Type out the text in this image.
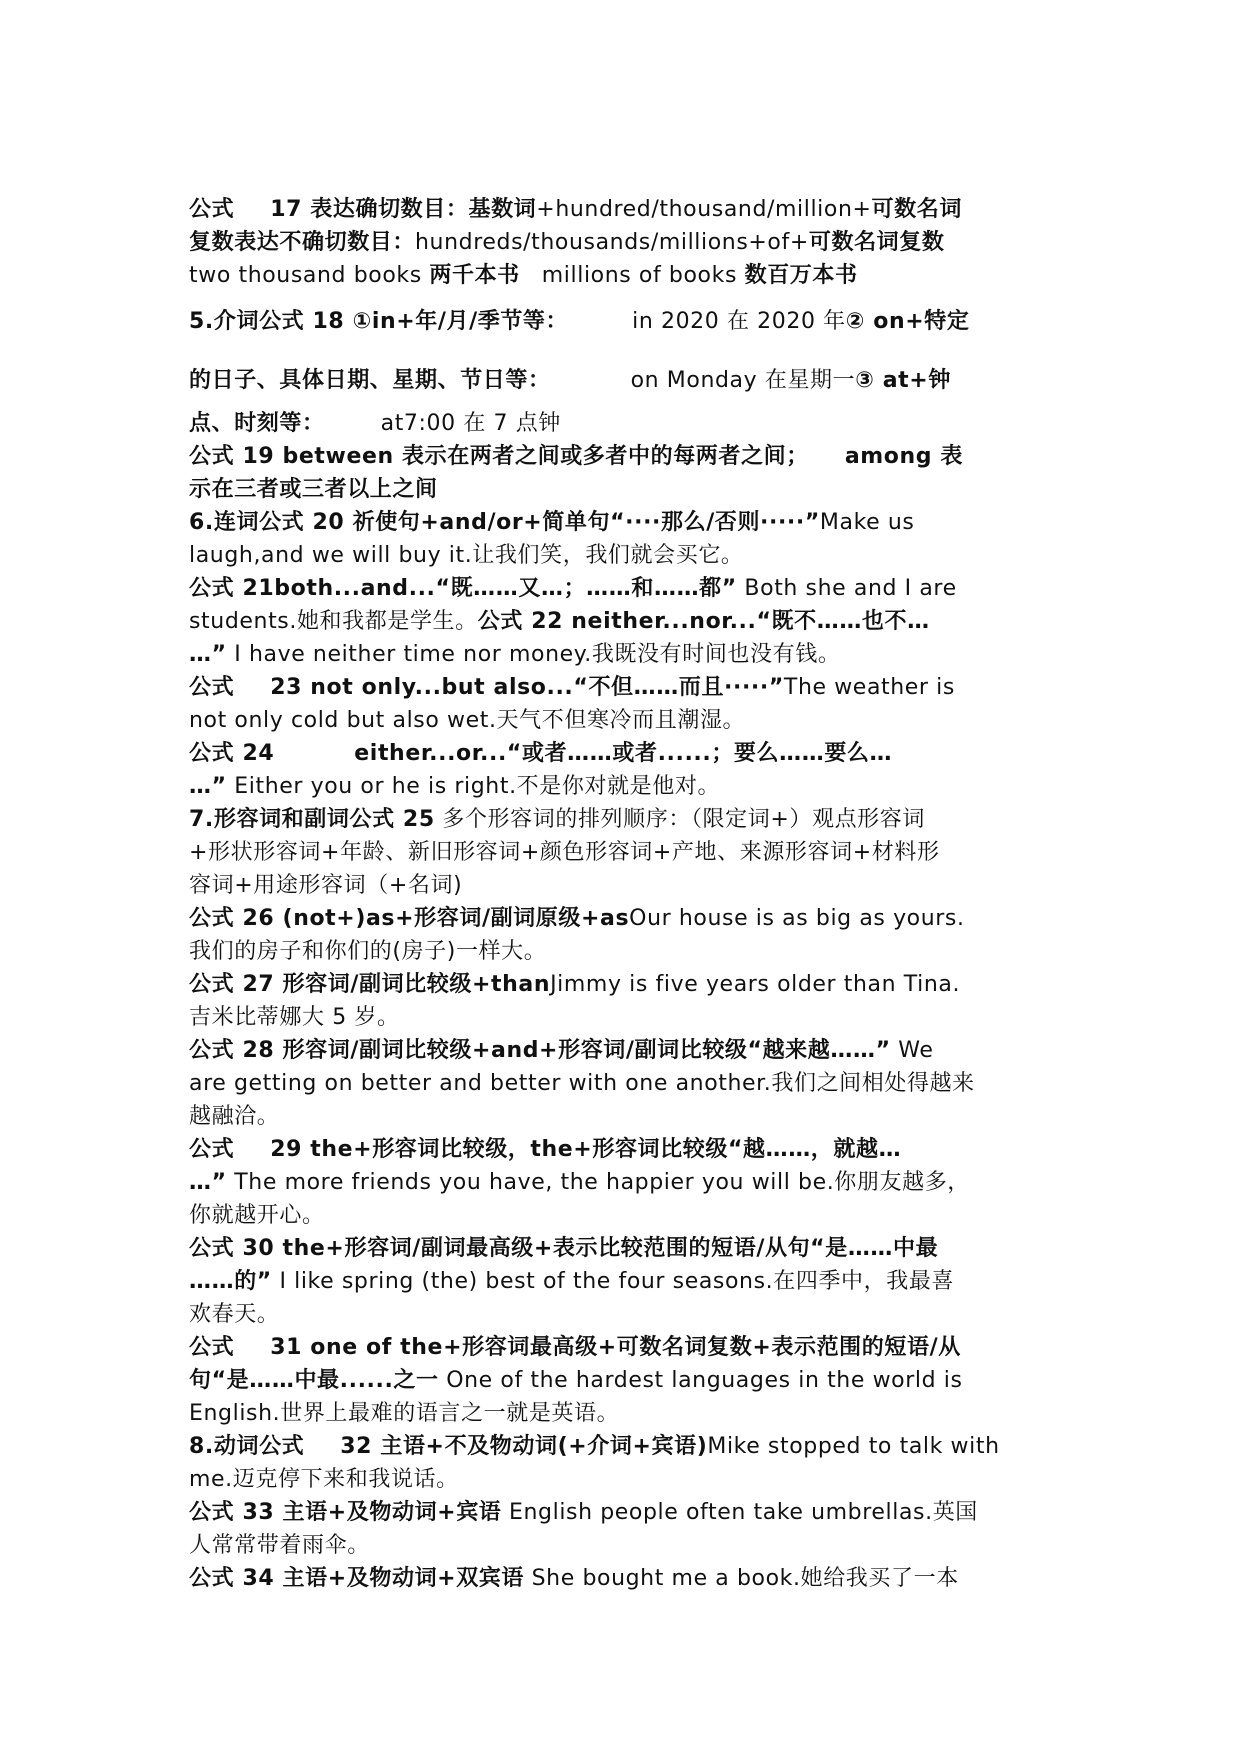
公式 17 表达确切数目：基数词+hundred/thousand/million+可数名词

复数表达不确切数目：hundreds/thousands/millions+of+可数名词复数

two thousand books 两千本书 millions of books 数百万本书

5.介词公式 18 ①in+年/月/季节等：	in 2020 在 2020 年② on+特定

的日子、具体日期、星期、节日等：	on Monday 在星期一③ at+钟

点、时刻等：	at7:00 在 7 点钟

公式 19 between 表示在两者之间或多者中的每两者之间； among 表

示在三者或三者以上之间

6.连词公式 20 祈使句+and/or+简单句“····那么/否则·····”Make us

laugh,and we will buy it.让我们笑，我们就会买它。

公式 21both...and...“既……又…；……和……都” Both she and I are

students.她和我都是学生。公式 22 neither...nor...“既不……也不…

…” I have neither time nor money.我既没有时间也没有钱。

公式 23 not only...but also...“不但……而且·····”The weather is

not only cold but also wet.天气不但寒冷而且潮湿。

公式 24	either...or...“或者……或者......；要么……要么…

…” Either you or he is right.不是你对就是他对。

7.形容词和副词公式 25 多个形容词的排列顺序：（限定词+）观点形容词

+形状形容词+年龄、新旧形容词+颜色形容词+产地、来源形容词+材料形

容词+用途形容词（+名词)

公式 26 (not+)as+形容词/副词原级+asOur house is as big as yours.

我们的房子和你们的(房子)一样大。

公式 27 形容词/副词比较级+thanJimmy is five years older than Tina.

吉米比蒂娜大 5 岁。

公式 28 形容词/副词比较级+and+形容词/副词比较级“越来越……” We

are getting on better and better with one another.我们之间相处得越来

越融洽。

公式 29 the+形容词比较级，the+形容词比较级“越……，就越…

…” The more friends you have, the happier you will be.你朋友越多，

你就越开心。

公式 30 the+形容词/副词最高级+表示比较范围的短语/从句“是……中最

……的” I like spring (the) best of the four seasons.在四季中，我最喜

欢春天。

公式 31 one of the+形容词最高级+可数名词复数+表示范围的短语/从

句“是……中最......之一 One of the hardest languages in the world is

English.世界上最难的语言之一就是英语。

8.动词公式 32 主语+不及物动词(+介词+宾语)Mike stopped to talk with

me.迈克停下来和我说话。

公式 33 主语+及物动词+宾语 English people often take umbrellas.英国

人常常带着雨伞。

公式 34 主语+及物动词+双宾语 She bought me a book.她给我买了一本
